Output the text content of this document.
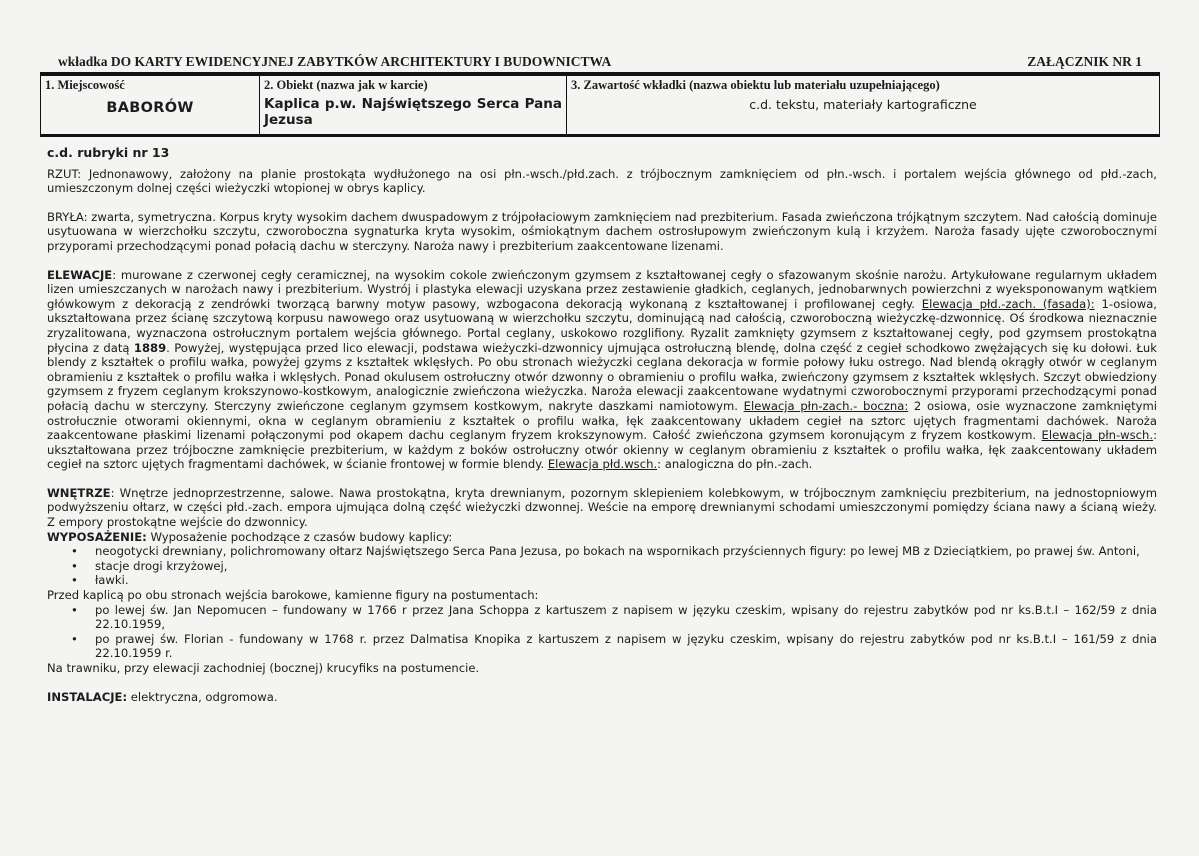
wkładka DO KARTY EWIDENCYJNEJ ZABYTKÓW ARCHITEKTURY I BUDOWNICTWA	ZAŁĄCZNIK NR 1
1. Miejscowość
BABORÓW
2. Obiekt (nazwa jak w karcie)
Kaplica p.w. Najświętszego Serca Pana Jezusa
3. Zawartość wkładki (nazwa obiektu lub materiału uzupełniającego)
c.d. tekstu, materiały kartograficzne

c.d. rubryki nr 13

RZUT: Jednonawowy, założony na planie prostokąta wydłużonego na osi płn.-wsch./płd.zach. z trójbocznym zamknięciem od płn.-wsch. i portalem wejścia głównego od płd.-zach, umieszczonym dolnej części wieżyczki wtopionej w obrys kaplicy.

BRYŁA: zwarta, symetryczna. Korpus kryty wysokim dachem dwuspadowym z trójpołaciowym zamknięciem nad prezbiterium. Fasada zwieńczona trójkątnym szczytem. Nad całością dominuje usytuowana w wierzchołku szczytu, czworoboczna sygnaturka kryta wysokim, ośmiokątnym dachem ostrosłupowym zwieńczonym kulą i krzyżem. Naroża fasady ujęte czworobocznymi przyporami przechodzącymi ponad połacią dachu w sterczyny. Naroża nawy i prezbiterium zaakcentowane lizenami.

ELEWACJE: murowane z czerwonej cegły ceramicznej, na wysokim cokole zwieńczonym gzymsem z kształtowanej cegły o sfazowanym skośnie narożu. Artykułowane regularnym układem lizen umieszczanych w narożach nawy i prezbiterium. Wystrój i plastyka elewacji uzyskana przez zestawienie gładkich, ceglanych, jednobarwnych powierzchni z wyeksponowanym wątkiem główkowym z dekoracją z zendrówki tworzącą barwny motyw pasowy, wzbogacona dekoracją wykonaną z kształtowanej i profilowanej cegły. Elewacja płd.-zach. (fasada): 1-osiowa, ukształtowana przez ścianę szczytową korpusu nawowego oraz usytuowaną w wierzchołku szczytu, dominującą nad całością, czworoboczną wieżyczkę-dzwonnicę. Oś środkowa nieznacznie zryzalitowana, wyznaczona ostrołucznym portalem wejścia głównego. Portal ceglany, uskokowo rozglifiony. Ryzalit zamknięty gzymsem z kształtowanej cegły, pod gzymsem prostokątna płycina z datą 1889. Powyżej, występująca przed lico elewacji, podstawa wieżyczki-dzwonnicy ujmująca ostrołuczną blendę, dolna część z cegieł schodkowo zwężających się ku dołowi. Łuk blendy z kształtek o profilu wałka, powyżej gzyms z kształtek wklęsłych. Po obu stronach wieżyczki ceglana dekoracja w formie połowy łuku ostrego. Nad blendą okrągły otwór w ceglanym obramieniu z kształtek o profilu wałka i wklęsłych. Ponad okulusem ostrołuczny otwór dzwonny o obramieniu o profilu wałka, zwieńczony gzymsem z kształtek wklęsłych. Szczyt obwiedziony gzymsem z fryzem ceglanym krokszynowo-kostkowym, analogicznie zwieńczona wieżyczka. Naroża elewacji zaakcentowane wydatnymi czworobocznymi przyporami przechodzącymi ponad połacią dachu w sterczyny. Sterczyny zwieńczone ceglanym gzymsem kostkowym, nakryte daszkami namiotowym. Elewacja płn-zach.- boczna: 2 osiowa, osie wyznaczone zamkniętymi ostrołucznie otworami okiennymi, okna w ceglanym obramieniu z kształtek o profilu wałka, łęk zaakcentowany układem cegieł na sztorc ujętych fragmentami dachówek. Naroża zaakcentowane płaskimi lizenami połączonymi pod okapem dachu ceglanym fryzem krokszynowym. Całość zwieńczona gzymsem koronującym z fryzem kostkowym. Elewacja płn-wsch.: ukształtowana przez trójboczne zamknięcie prezbiterium, w każdym z boków ostrołuczny otwór okienny w ceglanym obramieniu z kształtek o profilu wałka, łęk zaakcentowany układem cegieł na sztorc ujętych fragmentami dachówek, w ścianie frontowej w formie blendy. Elewacja płd.wsch.: analogiczna do płn.-zach.

WNĘTRZE: Wnętrze jednoprzestrzenne, salowe. Nawa prostokątna, kryta drewnianym, pozornym sklepieniem kolebkowym, w trójbocznym zamknięciu prezbiterium, na jednostopniowym podwyższeniu ołtarz, w części płd.-zach. empora ujmująca dolną część wieżyczki dzwonnej. Weście na emporę drewnianymi schodami umieszczonymi pomiędzy ściana nawy a ścianą wieży. Z empory prostokątne wejście do dzwonnicy.

WYPOSAŻENIE: Wyposażenie pochodzące z czasów budowy kaplicy:

• neogotycki drewniany, polichromowany ołtarz Najświętszego Serca Pana Jezusa, po bokach na wspornikach przyściennych figury: po lewej MB z Dzieciątkiem, po prawej św. Antoni,
• stacje drogi krzyżowej,
• ławki.

Przed kaplicą po obu stronach wejścia barokowe, kamienne figury na postumentach:

• po lewej św. Jan Nepomucen – fundowany w 1766 r przez Jana Schoppa z kartuszem z napisem w języku czeskim, wpisany do rejestru zabytków pod nr ks.B.t.I – 162/59 z dnia 22.10.1959,
• po prawej św. Florian - fundowany w 1768 r. przez Dalmatisa Knopika z kartuszem z napisem w języku czeskim, wpisany do rejestru zabytków pod nr ks.B.t.I – 161/59 z dnia 22.10.1959 r.

Na trawniku, przy elewacji zachodniej (bocznej) krucyfiks na postumencie.

INSTALACJE: elektryczna, odgromowa.
